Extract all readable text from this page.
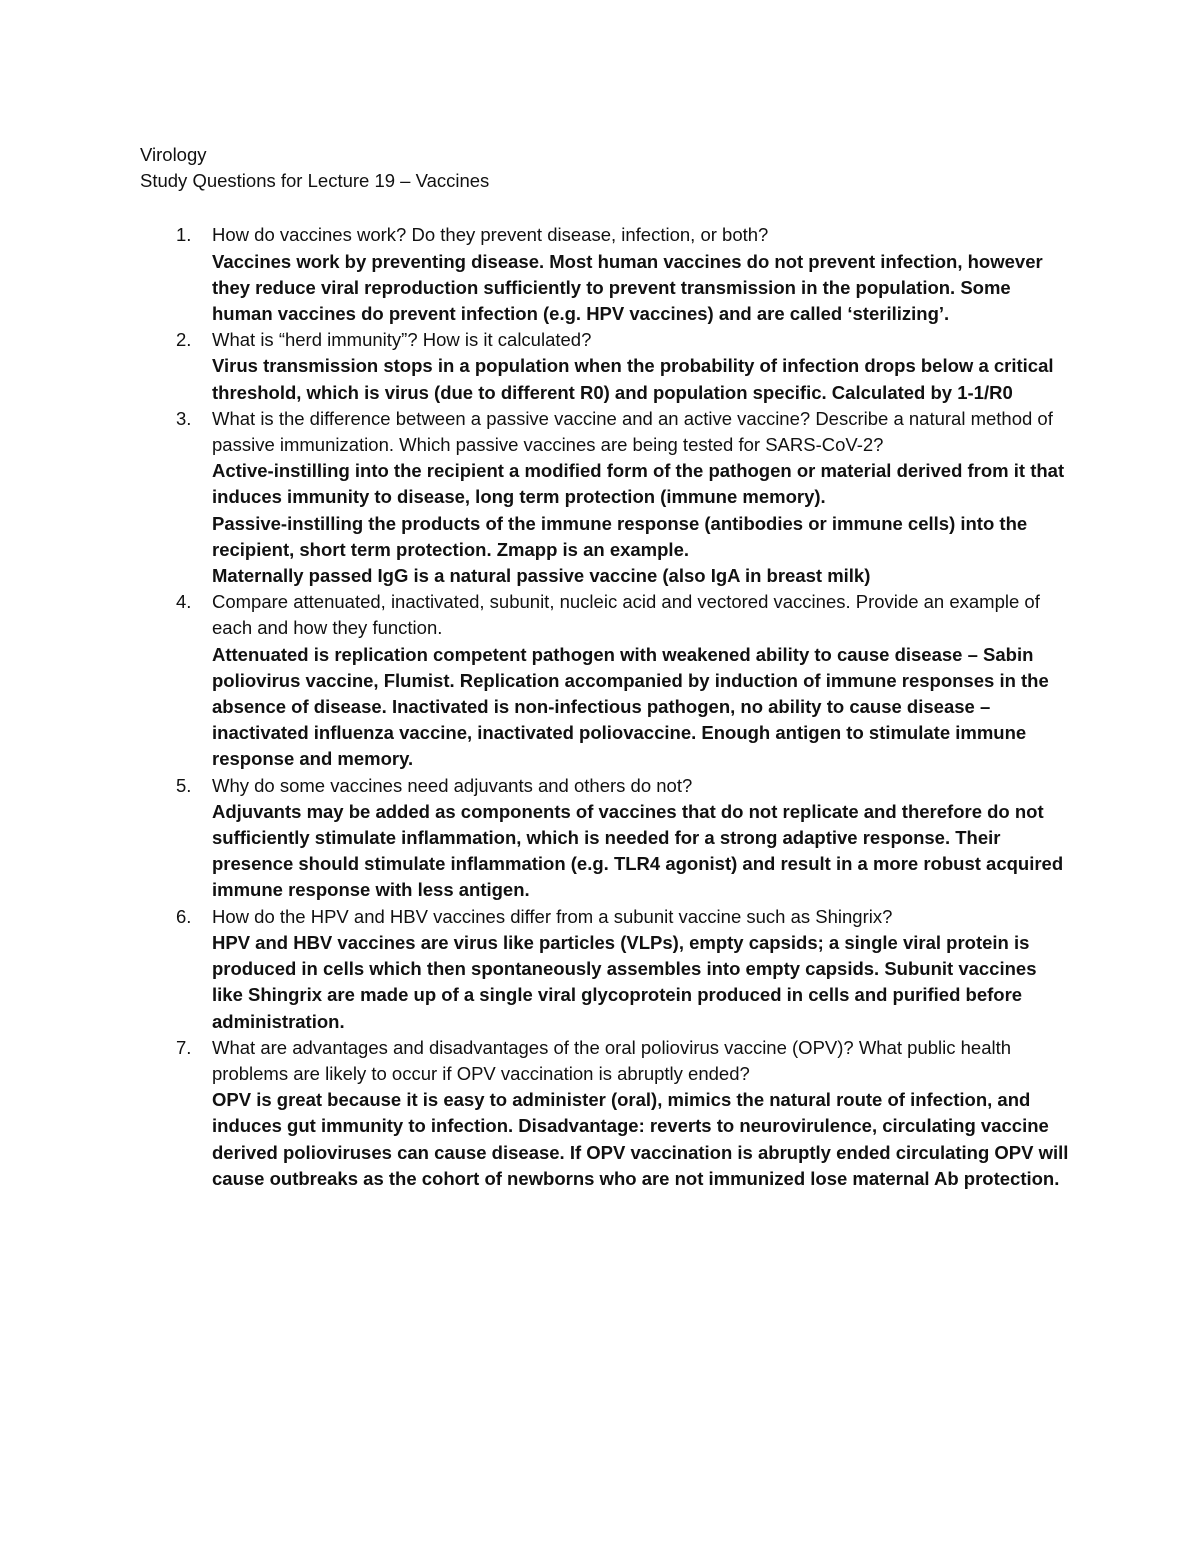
Virology

Study Questions for Lecture 19 – Vaccines

1. How do vaccines work? Do they prevent disease, infection, or both?
Vaccines work by preventing disease. Most human vaccines do not prevent infection, however they reduce viral reproduction sufficiently to prevent transmission in the population. Some human vaccines do prevent infection (e.g. HPV vaccines) and are called ‘sterilizing’.
2. What is “herd immunity”? How is it calculated?
Virus transmission stops in a population when the probability of infection drops below a critical threshold, which is virus (due to different R0) and population specific. Calculated by 1-1/R0
3. What is the difference between a passive vaccine and an active vaccine? Describe a natural method of passive immunization. Which passive vaccines are being tested for SARS-CoV-2?
Active-instilling into the recipient a modified form of the pathogen or material derived from it that induces immunity to disease, long term protection (immune memory).
Passive-instilling the products of the immune response (antibodies or immune cells) into the recipient, short term protection. Zmapp is an example.
Maternally passed IgG is a natural passive vaccine (also IgA in breast milk)
4. Compare attenuated, inactivated, subunit, nucleic acid and vectored vaccines. Provide an example of each and how they function.
Attenuated is replication competent pathogen with weakened ability to cause disease – Sabin poliovirus vaccine, Flumist. Replication accompanied by induction of immune responses in the absence of disease. Inactivated is non-infectious pathogen, no ability to cause disease – inactivated influenza vaccine, inactivated poliovaccine. Enough antigen to stimulate immune response and memory.
5. Why do some vaccines need adjuvants and others do not?
Adjuvants may be added as components of vaccines that do not replicate and therefore do not sufficiently stimulate inflammation, which is needed for a strong adaptive response. Their presence should stimulate inflammation (e.g. TLR4 agonist) and result in a more robust acquired immune response with less antigen.
6. How do the HPV and HBV vaccines differ from a subunit vaccine such as Shingrix?
HPV and HBV vaccines are virus like particles (VLPs), empty capsids; a single viral protein is produced in cells which then spontaneously assembles into empty capsids. Subunit vaccines like Shingrix are made up of a single viral glycoprotein produced in cells and purified before administration.
7. What are advantages and disadvantages of the oral poliovirus vaccine (OPV)? What public health problems are likely to occur if OPV vaccination is abruptly ended?
OPV is great because it is easy to administer (oral), mimics the natural route of infection, and induces gut immunity to infection. Disadvantage: reverts to neurovirulence, circulating vaccine derived polioviruses can cause disease. If OPV vaccination is abruptly ended circulating OPV will cause outbreaks as the cohort of newborns who are not immunized lose maternal Ab protection.
